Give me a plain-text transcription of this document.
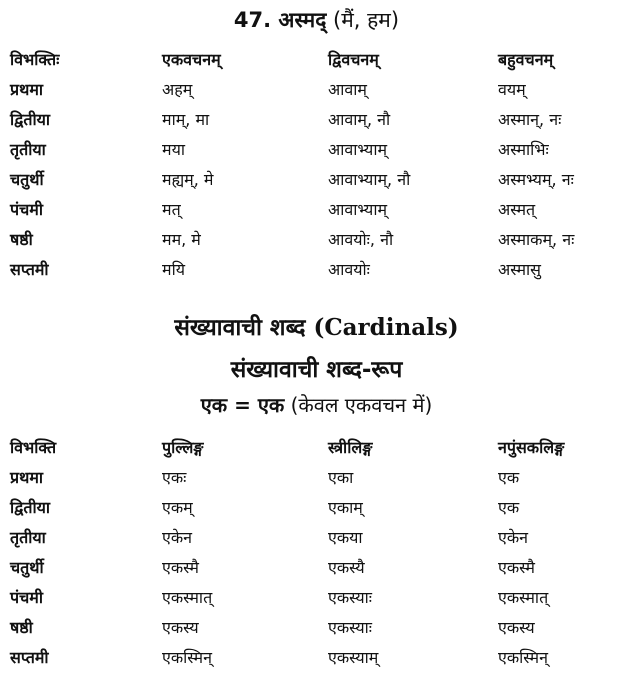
47. अस्मद् (मैं, हम)
विभक्तिः	एकवचनम्	द्विवचनम्	बहुवचनम्
प्रथमा	अहम्	आवाम्	वयम्
द्वितीया	माम्, मा	आवाम्, नौ	अस्मान्, नः
तृतीया	मया	आवाभ्याम्	अस्माभिः
चतुर्थी	मह्यम्, मे	आवाभ्याम्, नौ	अस्मभ्यम्, नः
पंचमी	मत्	आवाभ्याम्	अस्मत्
षष्ठी	मम, मे	आवयोः, नौ	अस्माकम्, नः
सप्तमी	मयि	आवयोः	अस्मासु
संख्यावाची शब्द (Cardinals)
संख्यावाची शब्द-रूप
एक = एक (केवल एकवचन में)
विभक्ति	पुल्लिङ्ग	स्त्रीलिङ्ग	नपुंसकलिङ्ग
प्रथमा	एकः	एका	एक
द्वितीया	एकम्	एकाम्	एक
तृतीया	एकेन	एकया	एकेन
चतुर्थी	एकस्मै	एकस्यै	एकस्मै
पंचमी	एकस्मात्	एकस्याः	एकस्मात्
षष्ठी	एकस्य	एकस्याः	एकस्य
सप्तमी	एकस्मिन्	एकस्याम्	एकस्मिन्
